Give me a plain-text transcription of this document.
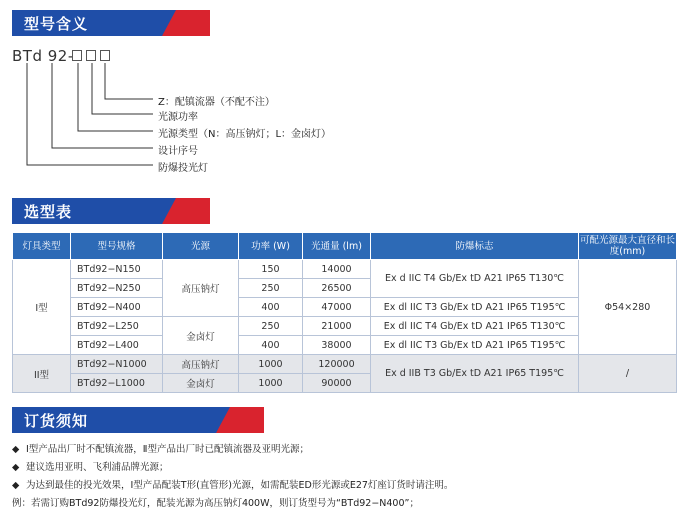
型号含义
BTd 92-
Z：配镇流器（不配不注）
光源功率
光源类型（N：高压钠灯；L：金卤灯）
设计序号
防爆投光灯
选型表
灯具类型	型号规格	光源	功率 (W)	光通量 (lm)	防爆标志	可配光源最大直径和长度(mm)
I型	BTd92−N150	高压钠灯	150	14000	Ex d IIC T4 Gb/Ex tD A21 IP65 T130℃	Φ54×280
	BTd92−N250		250	26500		
	BTd92−N400		400	47000	Ex dl IIC T3 Gb/Ex tD A21 IP65 T195℃	
	BTd92−L250	金卤灯	250	21000	Ex dl IIC T4 Gb/Ex tD A21 IP65 T130℃	
	BTd92−L400		400	38000	Ex dl IIC T3 Gb/Ex tD A21 IP65 T195℃	
II型	BTd92−N1000	高压钠灯	1000	120000	Ex d IIB T3 Gb/Ex tD A21 IP65 T195℃	/
	BTd92−L1000	金卤灯	1000	90000		
订货须知
◆ I型产品出厂时不配镇流器，Ⅱ型产品出厂时已配镇流器及亚明光源；
◆ 建议选用亚明、飞利浦品牌光源；
◆ 为达到最佳的投光效果，Ⅰ型产品配装T形(直管形)光源，如需配装ED形光源或E27灯座订货时请注明。
例：若需订购BTd92防爆投光灯，配装光源为高压钠灯400W，则订货型号为“BTd92−N400”；
